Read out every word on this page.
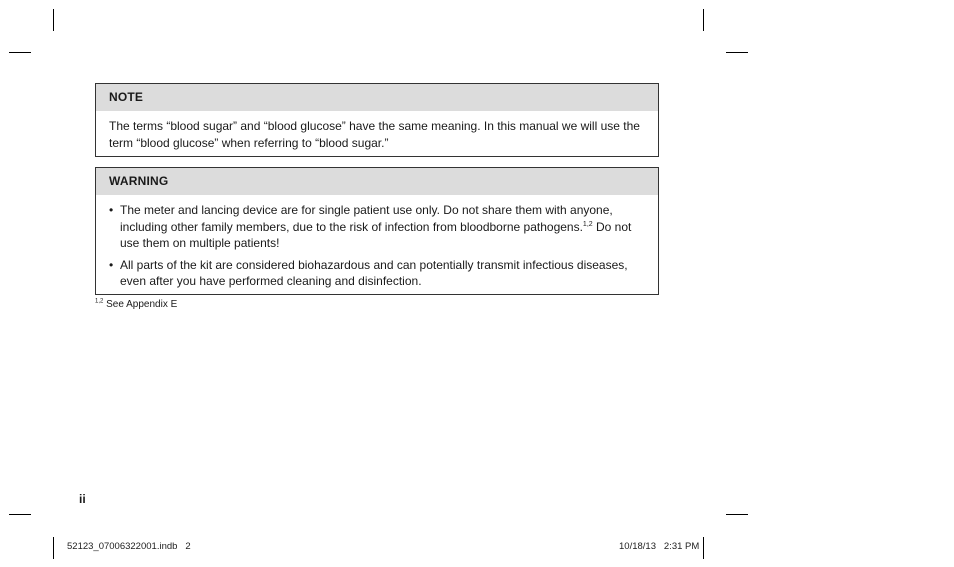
NOTE
The terms “blood sugar” and “blood glucose” have the same meaning. In this manual we will use the term “blood glucose” when referring to “blood sugar.”
WARNING
• The meter and lancing device are for single patient use only. Do not share them with anyone, including other family members, due to the risk of infection from bloodborne pathogens.$^{1,2}$ Do not use them on multiple patients!
• All parts of the kit are considered biohazardous and can potentially transmit infectious diseases, even after you have performed cleaning and disinfection.
$^{1,2}$ See Appendix E
ii
52123_07006322001.indb   2	10/18/13   2:31 PM
